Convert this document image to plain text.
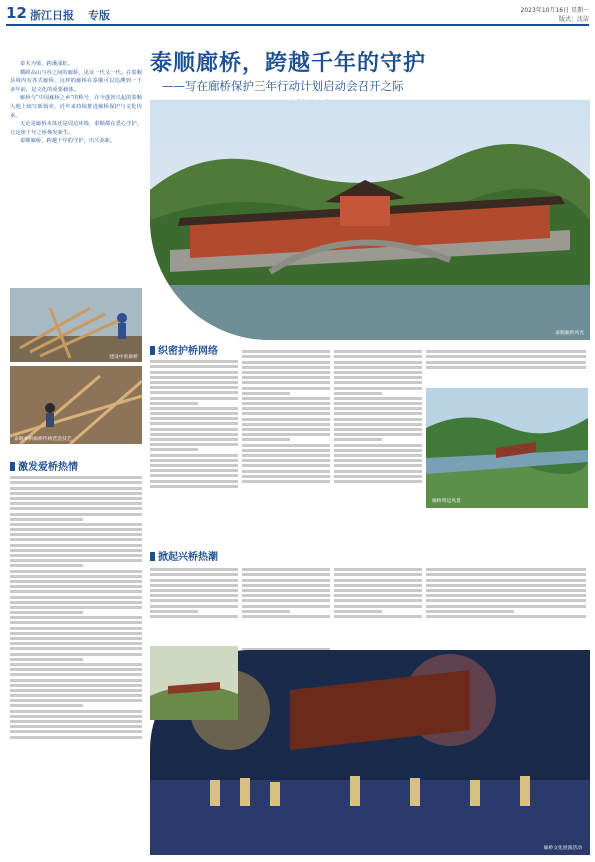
12 浙江日报 专版	2023年10月16日 星期一
版式：沈洁
泰顺廊桥，跨越千年的守护
——写在廊桥保护三年行动计划启动会召开之际

泰木为梁，跨溪成虹。

横跨高山与谷之间的廊桥，见证一代又一代。在泰顺县境内有各式廊桥，这样的廊桥在泰顺可以追溯到一千多年前，是文化的重要载体。

廊桥与“中国廊桥之乡”的称号，在今蓬勃兴起的泰顺大地上续写新篇章，近年来持续推进廊桥保护与文化传承。

无论是廊桥本体还是周边环境，泰顺都在悉心守护，让这座千年之桥焕发新生。

泰顺廊桥，跨越千年的守护，历久弥新。

泰顺廊桥风光
建设中的廊桥
泰顺木拱廊桥传统营造技艺
织密护桥网络
激发爱桥热情
掀起兴桥热潮
廊桥周边风景
廊桥文化展演活动
